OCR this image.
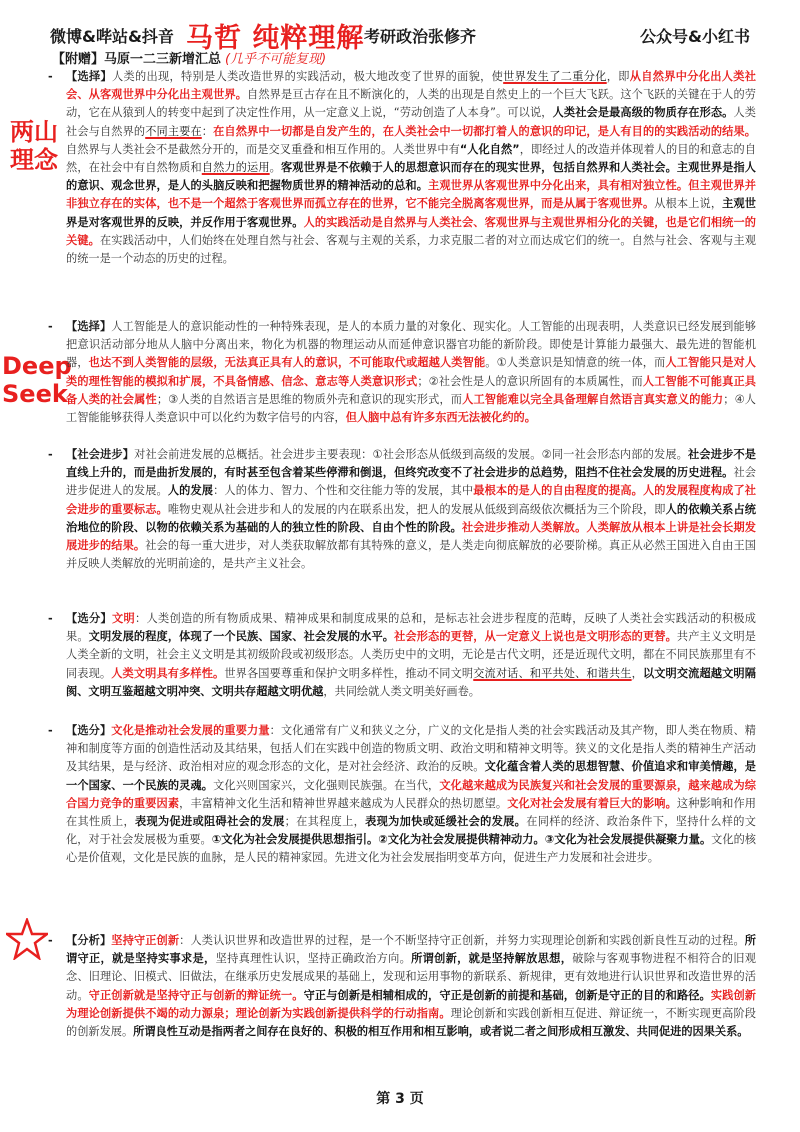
微博&哔站&抖音 马哲 纯粹理解 考研政治张修齐	公众号&小红书
【附赠】马原一二三新增汇总 (几乎不可能复现)
两山理念
Deep Seek
- 【选择】人类的出现，特别是人类改造世界的实践活动，极大地改变了世界的面貌，使世界发生了二重分化，即从自然界中分化出人类社会、从客观世界中分化出主观世界。自然界是亘古存在且不断演化的，人类的出现是自然史上的一个巨大飞跃。这个飞跃的关键在于人的劳动，它在从猿到人的转变中起到了决定性作用，从一定意义上说，“劳动创造了人本身”。可以说，人类社会是最高级的物质存在形态。人类社会与自然界的不同主要在：在自然界中一切都是自发产生的，在人类社会中一切都打着人的意识的印记，是人有目的的实践活动的结果。自然界与人类社会不是截然分开的，而是交叉重叠和相互作用的。人类世界中有“人化自然”，即经过人的改造并体现着人的目的和意志的自然，在社会中有自然物质和自然力的运用。客观世界是不依赖于人的思想意识而存在的现实世界，包括自然界和人类社会。主观世界是指人的意识、观念世界，是人的头脑反映和把握物质世界的精神活动的总和。主观世界从客观世界中分化出来，具有相对独立性。但主观世界并非独立存在的实体，也不是一个超然于客观世界而孤立存在的世界，它不能完全脱离客观世界，而是从属于客观世界。从根本上说，主观世界是对客观世界的反映，并反作用于客观世界。人的实践活动是自然界与人类社会、客观世界与主观世界相分化的关键，也是它们相统一的关键。在实践活动中，人们始终在处理自然与社会、客观与主观的关系，力求克服二者的对立而达成它们的统一。自然与社会、客观与主观的统一是一个动态的历史的过程。
- 【选择】人工智能是人的意识能动性的一种特殊表现，是人的本质力量的对象化、现实化。人工智能的出现表明，人类意识已经发展到能够把意识活动部分地从人脑中分离出来，物化为机器的物理运动从而延伸意识器官功能的新阶段。即使是计算能力最强大、最先进的智能机器，也达不到人类智能的层级，无法真正具有人的意识，不可能取代或超越人类智能。①人类意识是知情意的统一体，而人工智能只是对人类的理性智能的模拟和扩展，不具备情感、信念、意志等人类意识形式；②社会性是人的意识所固有的本质属性，而人工智能不可能真正具备人类的社会属性；③人类的自然语言是思维的物质外壳和意识的现实形式，而人工智能难以完全具备理解自然语言真实意义的能力；④人工智能能够获得人类意识中可以化约为数字信号的内容，但人脑中总有许多东西无法被化约的。
- 【社会进步】对社会前进发展的总概括。社会进步主要表现：①社会形态从低级到高级的发展。②同一社会形态内部的发展。社会进步不是直线上升的，而是曲折发展的，有时甚至包含着某些停滞和倒退，但终究改变不了社会进步的总趋势，阻挡不住社会发展的历史进程。社会进步促进人的发展。人的发展：人的体力、智力、个性和交往能力等的发展，其中最根本的是人的自由程度的提高。人的发展程度构成了社会进步的重要标志。唯物史观从社会进步和人的发展的内在联系出发，把人的发展从低级到高级依次概括为三个阶段，即人的依赖关系占统治地位的阶段、以物的依赖关系为基础的人的独立性的阶段、自由个性的阶段。社会进步推动人类解放。人类解放从根本上讲是社会长期发展进步的结果。社会的每一重大进步，对人类获取解放都有其特殊的意义，是人类走向彻底解放的必要阶梯。真正从必然王国进入自由王国并反映人类解放的光明前途的，是共产主义社会。
- 【选分】文明：人类创造的所有物质成果、精神成果和制度成果的总和，是标志社会进步程度的范畴，反映了人类社会实践活动的积极成果。文明发展的程度，体现了一个民族、国家、社会发展的水平。社会形态的更替，从一定意义上说也是文明形态的更替。共产主义文明是人类全新的文明，社会主义文明是其初级阶段或初级形态。人类历史中的文明，无论是古代文明，还是近现代文明，都在不同民族那里有不同表现。人类文明具有多样性。世界各国要尊重和保护文明多样性，推动不同文明交流对话、和平共处、和谐共生，以文明交流超越文明隔阂、文明互鉴超越文明冲突、文明共存超越文明优越，共同绘就人类文明美好画卷。
- 【选分】文化是推动社会发展的重要力量：文化通常有广义和狭义之分，广义的文化是指人类的社会实践活动及其产物，即人类在物质、精神和制度等方面的创造性活动及其结果，包括人们在实践中创造的物质文明、政治文明和精神文明等。狭义的文化是指人类的精神生产活动及其结果，是与经济、政治相对应的观念形态的文化，是对社会经济、政治的反映。文化蕴含着人类的思想智慧、价值追求和审美情趣，是一个国家、一个民族的灵魂。文化兴则国家兴，文化强则民族强。在当代，文化越来越成为民族复兴和社会发展的重要源泉，越来越成为综合国力竞争的重要因素，丰富精神文化生活和精神世界越来越成为人民群众的热切愿望。文化对社会发展有着巨大的影响。这种影响和作用在其性质上，表现为促进或阻碍社会的发展；在其程度上，表现为加快或延缓社会的发展。在同样的经济、政治条件下，坚持什么样的文化，对于社会发展极为重要。①文化为社会发展提供思想指引。②文化为社会发展提供精神动力。③文化为社会发展提供凝聚力量。文化的核心是价值观，文化是民族的血脉，是人民的精神家园。先进文化为社会发展指明变革方向，促进生产力发展和社会进步。
- 【分析】坚持守正创新：人类认识世界和改造世界的过程，是一个不断坚持守正创新，并努力实现理论创新和实践创新良性互动的过程。所谓守正，就是坚持实事求是，坚持真理性认识，坚持正确政治方向。所谓创新，就是坚持解放思想，破除与客观事物进程不相符合的旧观念、旧理论、旧模式、旧做法，在继承历史发展成果的基础上，发现和运用事物的新联系、新规律，更有效地进行认识世界和改造世界的活动。守正创新就是坚持守正与创新的辩证统一。守正与创新是相辅相成的，守正是创新的前提和基础，创新是守正的目的和路径。实践创新为理论创新提供不竭的动力源泉；理论创新为实践创新提供科学的行动指南。理论创新和实践创新相互促进、辩证统一，不断实现更高阶段的创新发展。所谓良性互动是指两者之间存在良好的、积极的相互作用和相互影响，或者说二者之间形成相互激发、共同促进的因果关系。
第 3 页
